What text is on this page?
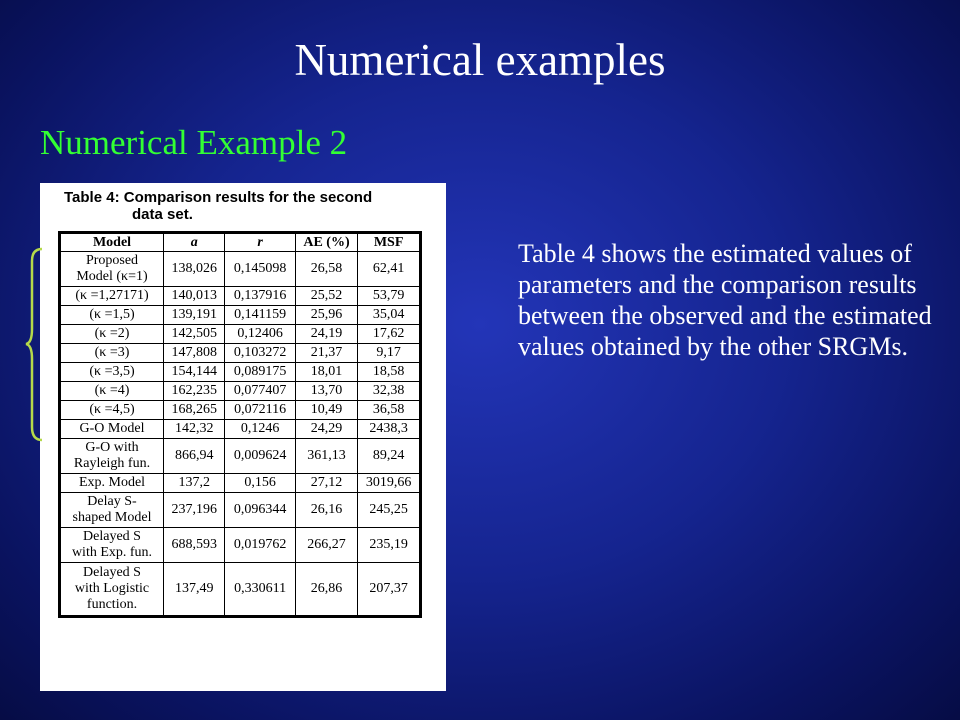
Numerical examples
Numerical Example 2
Table 4: Comparison results for the second
data set.
Model	a	r	AE (%)	MSF
Proposed
Model (κ=1)	138,026	0,145098	26,58	62,41
(κ =1,27171)	140,013	0,137916	25,52	53,79
(κ =1,5)	139,191	0,141159	25,96	35,04
(κ =2)	142,505	0,12406	24,19	17,62
(κ =3)	147,808	0,103272	21,37	9,17
(κ =3,5)	154,144	0,089175	18,01	18,58
(κ =4)	162,235	0,077407	13,70	32,38
(κ =4,5)	168,265	0,072116	10,49	36,58
G-O Model	142,32	0,1246	24,29	2438,3
G-O with
Rayleigh fun.	866,94	0,009624	361,13	89,24
Exp. Model	137,2	0,156	27,12	3019,66
Delay S-
shaped Model	237,196	0,096344	26,16	245,25
Delayed S
with Exp. fun.	688,593	0,019762	266,27	235,19
Delayed S
with Logistic
function.	137,49	0,330611	26,86	207,37
Table 4 shows the estimated values of parameters and the comparison results between the observed and the estimated values obtained by the other SRGMs.
